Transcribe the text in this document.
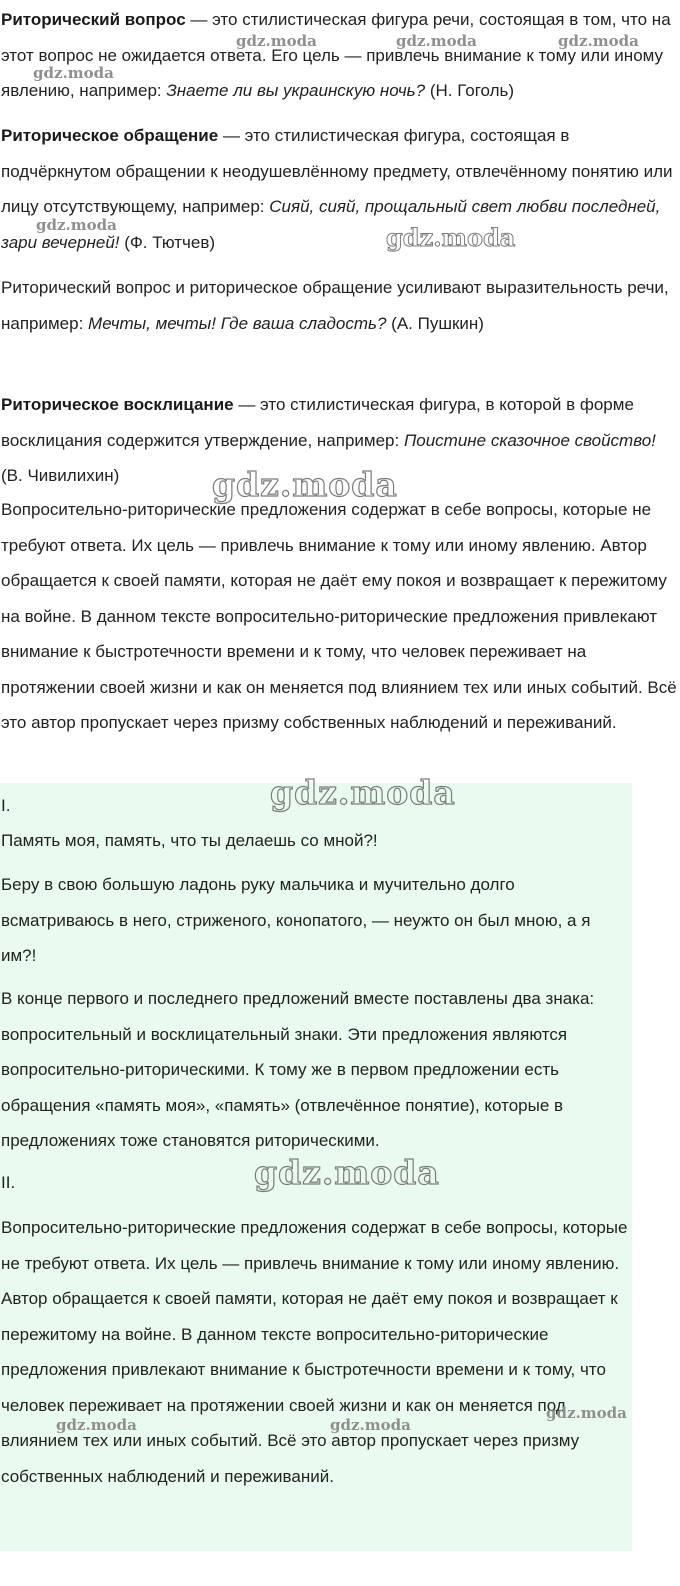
Риторический вопрос — это стилистическая фигура речи, состоящая в том, что на этот вопрос не ожидается ответа. Его цель — привлечь внимание к тому или иному явлению, например: Знаете ли вы украинскую ночь? (Н. Гоголь)

Риторическое обращение — это стилистическая фигура, состоящая в подчёркнутом обращении к неодушевлённому предмету, отвлечённому понятию или лицу отсутствующему, например: Сияй, сияй, прощальный свет любви последней, зари вечерней! (Ф. Тютчев)

Риторический вопрос и риторическое обращение усиливают выразительность речи, например: Мечты, мечты! Где ваша сладость? (А. Пушкин)

Риторическое восклицание — это стилистическая фигура, в которой в форме восклицания содержится утверждение, например: Поистине сказочное свойство! (В. Чивилихин)

Вопросительно-риторические предложения содержат в себе вопросы, которые не требуют ответа. Их цель — привлечь внимание к тому или иному явлению. Автор обращается к своей памяти, которая не даёт ему покоя и возвращает к пережитому на войне. В данном тексте вопросительно-риторические предложения привлекают внимание к быстротечности времени и к тому, что человек переживает на протяжении своей жизни и как он меняется под влиянием тех или иных событий. Всё это автор пропускает через призму собственных наблюдений и переживаний.

I.

Память моя, память, что ты делаешь со мной?!

Беру в свою большую ладонь руку мальчика и мучительно долго всматриваюсь в него, стриженого, конопатого, — неужто он был мною, а я им?!

В конце первого и последнего предложений вместе поставлены два знака: вопросительный и восклицательный знаки. Эти предложения являются вопросительно-риторическими. К тому же в первом предложении есть обращения «память моя», «память» (отвлечённое понятие), которые в предложениях тоже становятся риторическими.

II.

Вопросительно-риторические предложения содержат в себе вопросы, которые не требуют ответа. Их цель — привлечь внимание к тому или иному явлению. Автор обращается к своей памяти, которая не даёт ему покоя и возвращает к пережитому на войне. В данном тексте вопросительно-риторические предложения привлекают внимание к быстротечности времени и к тому, что человек переживает на протяжении своей жизни и как он меняется под влиянием тех или иных событий. Всё это автор пропускает через призму собственных наблюдений и переживаний.

gdz.moda	gdz.moda	gdz.moda
gdz.moda
gdz.moda	gdz.moda
gdz.moda
gdz.moda	gdz.moda
gdz.moda
